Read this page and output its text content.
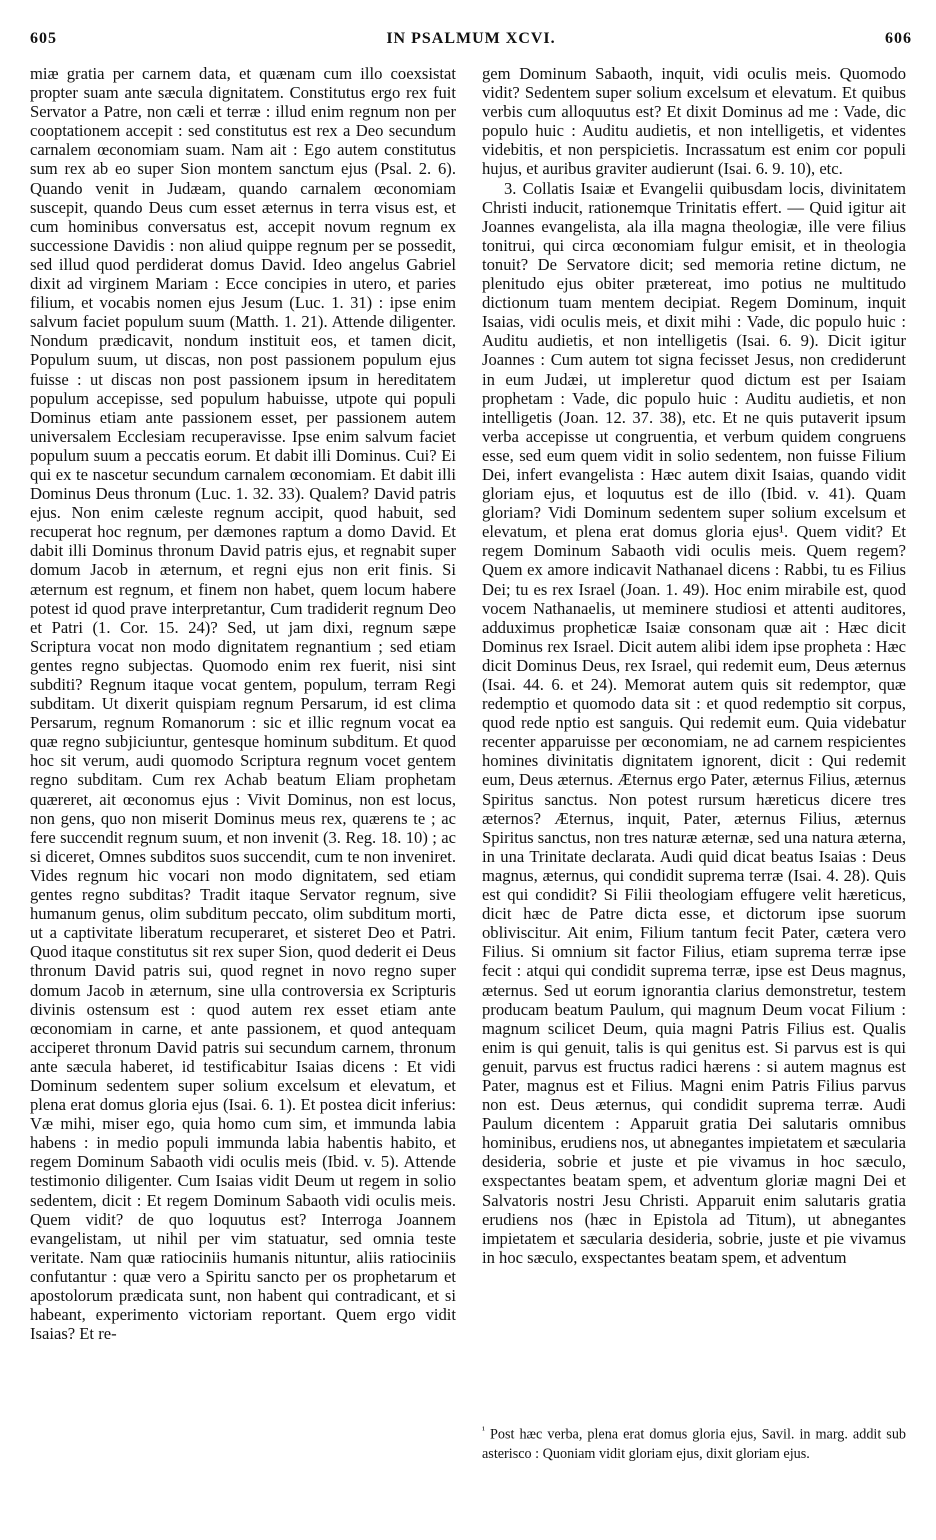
605	IN PSALMUM XCVI.	606

miæ gratia per carnem data, et quænam cum illo coexsistat propter suam ante sæcula dignitatem. Constitutus ergo rex fuit Servator a Patre, non cæli et terræ : illud enim regnum non per cooptationem accepit : sed constitutus est rex a Deo secundum carnalem œconomiam suam. Nam ait : Ego autem constitutus sum rex ab eo super Sion montem sanctum ejus (Psal. 2. 6). Quando venit in Judæam, quando carnalem œconomiam suscepit, quando Deus cum esset æternus in terra visus est, et cum hominibus conversatus est, accepit novum regnum ex successione Davidis : non aliud quippe regnum per se possedit, sed illud quod perdiderat domus David. Ideo angelus Gabriel dixit ad virginem Mariam : Ecce concipies in utero, et paries filium, et vocabis nomen ejus Jesum (Luc. 1. 31) : ipse enim salvum faciet populum suum (Matth. 1. 21). Attende diligenter. Nondum prædicavit, nondum instituit eos, et tamen dicit, Populum suum, ut discas, non post passionem populum ejus fuisse : ut discas non post passionem ipsum in hereditatem populum accepisse, sed populum habuisse, utpote qui populi Dominus etiam ante passionem esset, per passionem autem universalem Ecclesiam recuperavisse. Ipse enim salvum faciet populum suum a peccatis eorum. Et dabit illi Dominus. Cui? Ei qui ex te nascetur secundum carnalem œconomiam. Et dabit illi Dominus Deus thronum (Luc. 1. 32. 33). Qualem? David patris ejus. Non enim cæleste regnum accipit, quod habuit, sed recuperat hoc regnum, per dæmones raptum a domo David. Et dabit illi Dominus thronum David patris ejus, et regnabit super domum Jacob in æternum, et regni ejus non erit finis. Si æternum est regnum, et finem non habet, quem locum habere potest id quod prave interpretantur, Cum tradiderit regnum Deo et Patri (1. Cor. 15. 24)? Sed, ut jam dixi, regnum sæpe Scriptura vocat non modo dignitatem regnantium ; sed etiam gentes regno subjectas. Quomodo enim rex fuerit, nisi sint subditi? Regnum itaque vocat gentem, populum, terram Regi subditam. Ut dixerit quispiam regnum Persarum, id est clima Persarum, regnum Romanorum : sic et illic regnum vocat ea quæ regno subjiciuntur, gentesque hominum subditum. Et quod hoc sit verum, audi quomodo Scriptura regnum vocet gentem regno subditam. Cum rex Achab beatum Eliam prophetam quæreret, ait œconomus ejus : Vivit Dominus, non est locus, non gens, quo non miserit Dominus meus rex, quærens te ; ac fere succendit regnum suum, et non invenit (3. Reg. 18. 10) ; ac si diceret, Omnes subditos suos succendit, cum te non inveniret. Vides regnum hic vocari non modo dignitatem, sed etiam gentes regno subditas? Tradit itaque Servator regnum, sive humanum genus, olim subditum peccato, olim subditum morti, ut a captivitate liberatum recuperaret, et sisteret Deo et Patri. Quod itaque constitutus sit rex super Sion, quod dederit ei Deus thronum David patris sui, quod regnet in novo regno super domum Jacob in æternum, sine ulla controversia ex Scripturis divinis ostensum est : quod autem rex esset etiam ante œconomiam in carne, et ante passionem, et quod antequam acciperet thronum David patris sui secundum carnem, thronum ante sæcula haberet, id testificabitur Isaias dicens : Et vidi Dominum sedentem super solium excelsum et elevatum, et plena erat domus gloria ejus (Isai. 6. 1). Et postea dicit inferius: Væ mihi, miser ego, quia homo cum sim, et immunda labia habens : in medio populi immunda labia habentis habito, et regem Dominum Sabaoth vidi oculis meis (Ibid. v. 5). Attende testimonio diligenter. Cum Isaias vidit Deum ut regem in solio sedentem, dicit : Et regem Dominum Sabaoth vidi oculis meis. Quem vidit? de quo loquutus est? Interroga Joannem evangelistam, ut nihil per vim statuatur, sed omnia teste veritate. Nam quæ ratiociniis humanis nituntur, aliis ratiociniis confutantur : quæ vero a Spiritu sancto per os prophetarum et apostolorum prædicata sunt, non habent qui contradicant, et si habeant, experimento victoriam reportant. Quem ergo vidit Isaias? Et re-

gem Dominum Sabaoth, inquit, vidi oculis meis. Quomodo vidit? Sedentem super solium excelsum et elevatum. Et quibus verbis cum alloquutus est? Et dixit Dominus ad me : Vade, dic populo huic : Auditu audietis, et non intelligetis, et videntes videbitis, et non perspicietis. Incrassatum est enim cor populi hujus, et auribus graviter audierunt (Isai. 6. 9. 10), etc.

3. Collatis Isaiæ et Evangelii quibusdam locis, divinitatem Christi inducit, rationemque Trinitatis effert. — Quid igitur ait Joannes evangelista, ala illa magna theologiæ, ille vere filius tonitrui, qui circa œconomiam fulgur emisit, et in theologia tonuit? De Servatore dicit; sed memoria retine dictum, ne plenitudo ejus obiter prætereat, imo potius ne multitudo dictionum tuam mentem decipiat. Regem Dominum, inquit Isaias, vidi oculis meis, et dixit mihi : Vade, dic populo huic : Auditu audietis, et non intelligetis (Isai. 6. 9). Dicit igitur Joannes : Cum autem tot signa fecisset Jesus, non crediderunt in eum Judæi, ut impleretur quod dictum est per Isaiam prophetam : Vade, dic populo huic : Auditu audietis, et non intelligetis (Joan. 12. 37. 38), etc. Et ne quis putaverit ipsum verba accepisse ut congruentia, et verbum quidem congruens esse, sed eum quem vidit in solio sedentem, non fuisse Filium Dei, infert evangelista : Hæc autem dixit Isaias, quando vidit gloriam ejus, et loquutus est de illo (Ibid. v. 41). Quam gloriam? Vidi Dominum sedentem super solium excelsum et elevatum, et plena erat domus gloria ejus¹. Quem vidit? Et regem Dominum Sabaoth vidi oculis meis. Quem regem? Quem ex amore indicavit Nathanael dicens : Rabbi, tu es Filius Dei; tu es rex Israel (Joan. 1. 49). Hoc enim mirabile est, quod vocem Nathanaelis, ut meminere studiosi et attenti auditores, adduximus propheticæ Isaiæ consonam quæ ait : Hæc dicit Dominus rex Israel. Dicit autem alibi idem ipse propheta : Hæc dicit Dominus Deus, rex Israel, qui redemit eum, Deus æternus (Isai. 44. 6. et 24). Memorat autem quis sit redemptor, quæ redemptio et quomodo data sit : et quod redemptio sit corpus, quod rede nptio est sanguis. Qui redemit eum. Quia videbatur recenter apparuisse per œconomiam, ne ad carnem respicientes homines divinitatis dignitatem ignorent, dicit : Qui redemit eum, Deus æternus. Æternus ergo Pater, æternus Filius, æternus Spiritus sanctus. Non potest rursum hæreticus dicere tres æternos? Æternus, inquit, Pater, æternus Filius, æternus Spiritus sanctus, non tres naturæ æternæ, sed una natura æterna, in una Trinitate declarata. Audi quid dicat beatus Isaias : Deus magnus, æternus, qui condidit suprema terræ (Isai. 4. 28). Quis est qui condidit? Si Filii theologiam effugere velit hæreticus, dicit hæc de Patre dicta esse, et dictorum ipse suorum obliviscitur. Ait enim, Filium tantum fecit Pater, cætera vero Filius. Si omnium sit factor Filius, etiam suprema terræ ipse fecit : atqui qui condidit suprema terræ, ipse est Deus magnus, æternus. Sed ut eorum ignorantia clarius demonstretur, testem producam beatum Paulum, qui magnum Deum vocat Filium : magnum scilicet Deum, quia magni Patris Filius est. Qualis enim is qui genuit, talis is qui genitus est. Si parvus est is qui genuit, parvus est fructus radici hærens : si autem magnus est Pater, magnus est et Filius. Magni enim Patris Filius parvus non est. Deus æternus, qui condidit suprema terræ. Audi Paulum dicentem : Apparuit gratia Dei salutaris omnibus hominibus, erudiens nos, ut abnegantes impietatem et sæcularia desideria, sobrie et juste et pie vivamus in hoc sæculo, exspectantes beatam spem, et adventum gloriæ magni Dei et Salvatoris nostri Jesu Christi. Apparuit enim salutaris gratia erudiens nos (hæc in Epistola ad Titum), ut abnegantes impietatem et sæcularia desideria, sobrie, juste et pie vivamus in hoc sæculo, exspectantes beatam spem, et adventum

$^{^1}$ Post hæc verba, plena erat domus gloria ejus, Savil. in marg. addit sub asterisco : Quoniam vidit gloriam ejus, dixit gloriam ejus.
